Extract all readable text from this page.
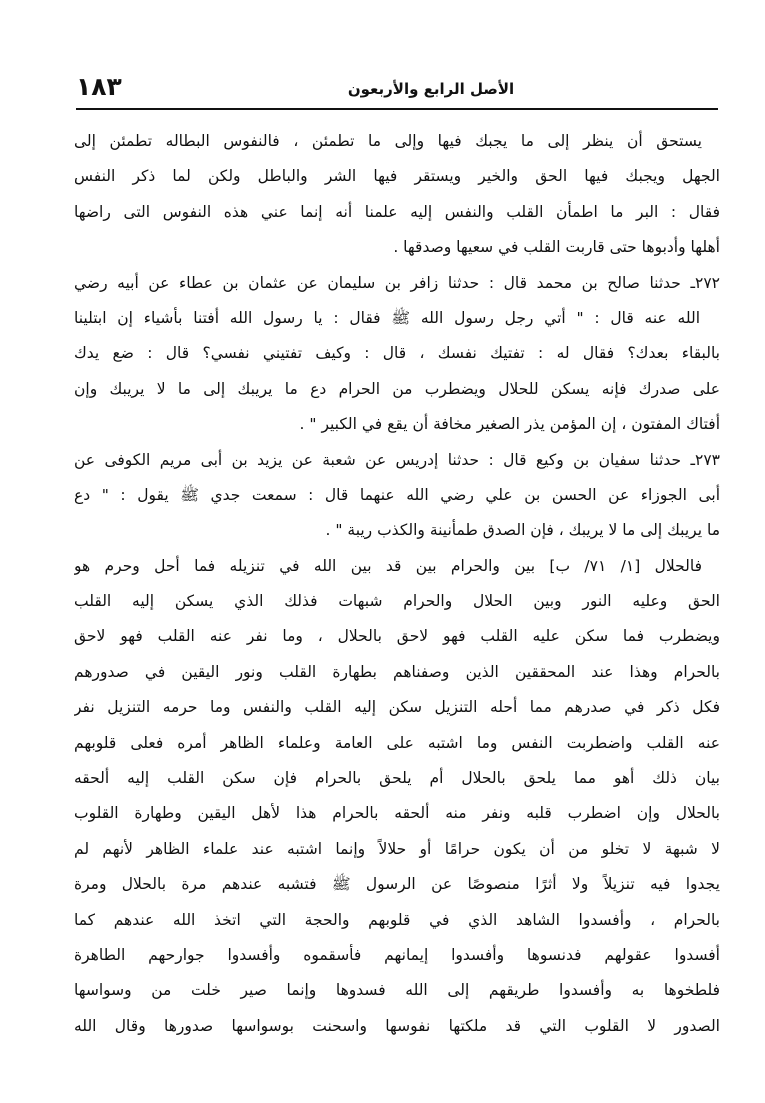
١٨٣	الأصل الرابع والأربعون
يستحق أن ينظر إلى ما يجبك فيها وإلى ما تطمئن ، فالنفوس البطاله تطمئن إلى
الجهل ويجبك فيها الحق والخير ويستقر فيها الشر والباطل ولكن لما ذكر النفس
فقال : البر ما اطمأن القلب والنفس إليه علمنا أنه إنما عني هذه النفوس التى راضها
أهلها وأدبوها حتى قاربت القلب في سعيها وصدقها .
٢٧٢ـ حدثنا صالح بن محمد قال : حدثنا زافر بن سليمان عن عثمان بن عطاء عن أبيه رضي
الله عنه قال : " أتي رجل رسول الله ﷺ فقال : يا رسول الله أفتنا بأشياء إن ابتلينا
بالبقاء بعدك؟ فقال له : تفتيك نفسك ، قال : وكيف تفتيني نفسي؟ قال : ضع يدك
على صدرك فإنه يسكن للحلال ويضطرب من الحرام دع ما يريبك إلى ما لا يريبك وإن
أفتاك المفتون ، إن المؤمن يذر الصغير مخافة أن يقع في الكبير " .
٢٧٣ـ حدثنا سفيان بن وكيع قال : حدثنا إدريس عن شعبة عن يزيد بن أبى مريم الكوفى عن
أبى الجوزاء عن الحسن بن علي رضي الله عنهما قال : سمعت جدي ﷺ يقول : " دع
ما يريبك إلى ما لا يريبك ، فإن الصدق طمأنينة والكذب ريبة " .
فالحلال [١/ ٧١/ ب] بين والحرام بين قد بين الله في تنزيله فما أحل وحرم هو
الحق وعليه النور وبين الحلال والحرام شبهات فذلك الذي يسكن إليه القلب
ويضطرب فما سكن عليه القلب فهو لاحق بالحلال ، وما نفر عنه القلب فهو لاحق
بالحرام وهذا عند المحققين الذين وصفناهم بطهارة القلب ونور اليقين في صدورهم
فكل ذكر في صدرهم مما أحله التنزيل سكن إليه القلب والنفس وما حرمه التنزيل نفر
عنه القلب واضطربت النفس وما اشتبه على العامة وعلماء الظاهر أمره فعلى قلوبهم
بيان ذلك أهو مما يلحق بالحلال أم يلحق بالحرام فإن سكن القلب إليه ألحقه
بالحلال وإن اضطرب قلبه ونفر منه ألحقه بالحرام هذا لأهل اليقين وطهارة القلوب
لا شبهة لا تخلو من أن يكون حرامًا أو حلالاً وإنما اشتبه عند علماء الظاهر لأنهم لم
يجدوا فيه تنزيلاً ولا أثرًا منصوصًا عن الرسول ﷺ فتشبه عندهم مرة بالحلال ومرة
بالحرام ، وأفسدوا الشاهد الذي في قلوبهم والحجة التي اتخذ الله عندهم كما
أفسدوا عقولهم فدنسوها وأفسدوا إيمانهم فأسقموه وأفسدوا جوارحهم الطاهرة
فلطخوها به وأفسدوا طريقهم إلى الله فسدوها وإنما صير خلت من وسواسها
الصدور لا القلوب التي قد ملكتها نفوسها واسحنت بوسواسها صدورها وقال الله
